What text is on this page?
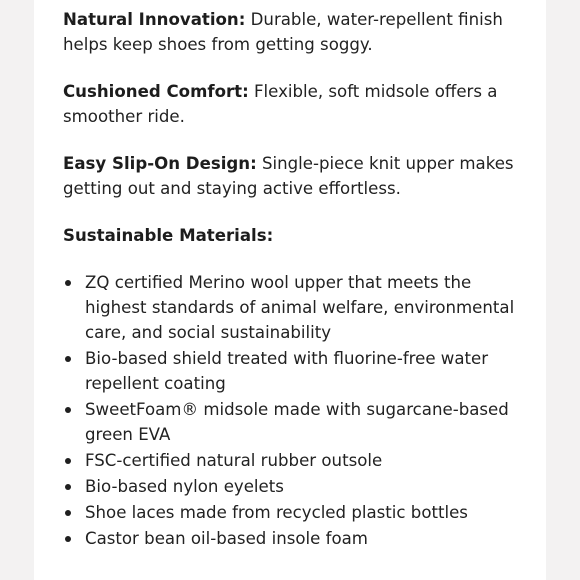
Natural Innovation: Durable, water-repellent finish helps keep shoes from getting soggy.

Cushioned Comfort: Flexible, soft midsole offers a smoother ride.

Easy Slip-On Design: Single-piece knit upper makes getting out and staying active effortless.

Sustainable Materials:
ZQ certified Merino wool upper that meets the highest standards of animal welfare, environmental care, and social sustainability
Bio-based shield treated with fluorine-free water repellent coating
SweetFoam® midsole made with sugarcane-based green EVA
FSC-certified natural rubber outsole
Bio-based nylon eyelets
Shoe laces made from recycled plastic bottles
Castor bean oil-based insole foam
